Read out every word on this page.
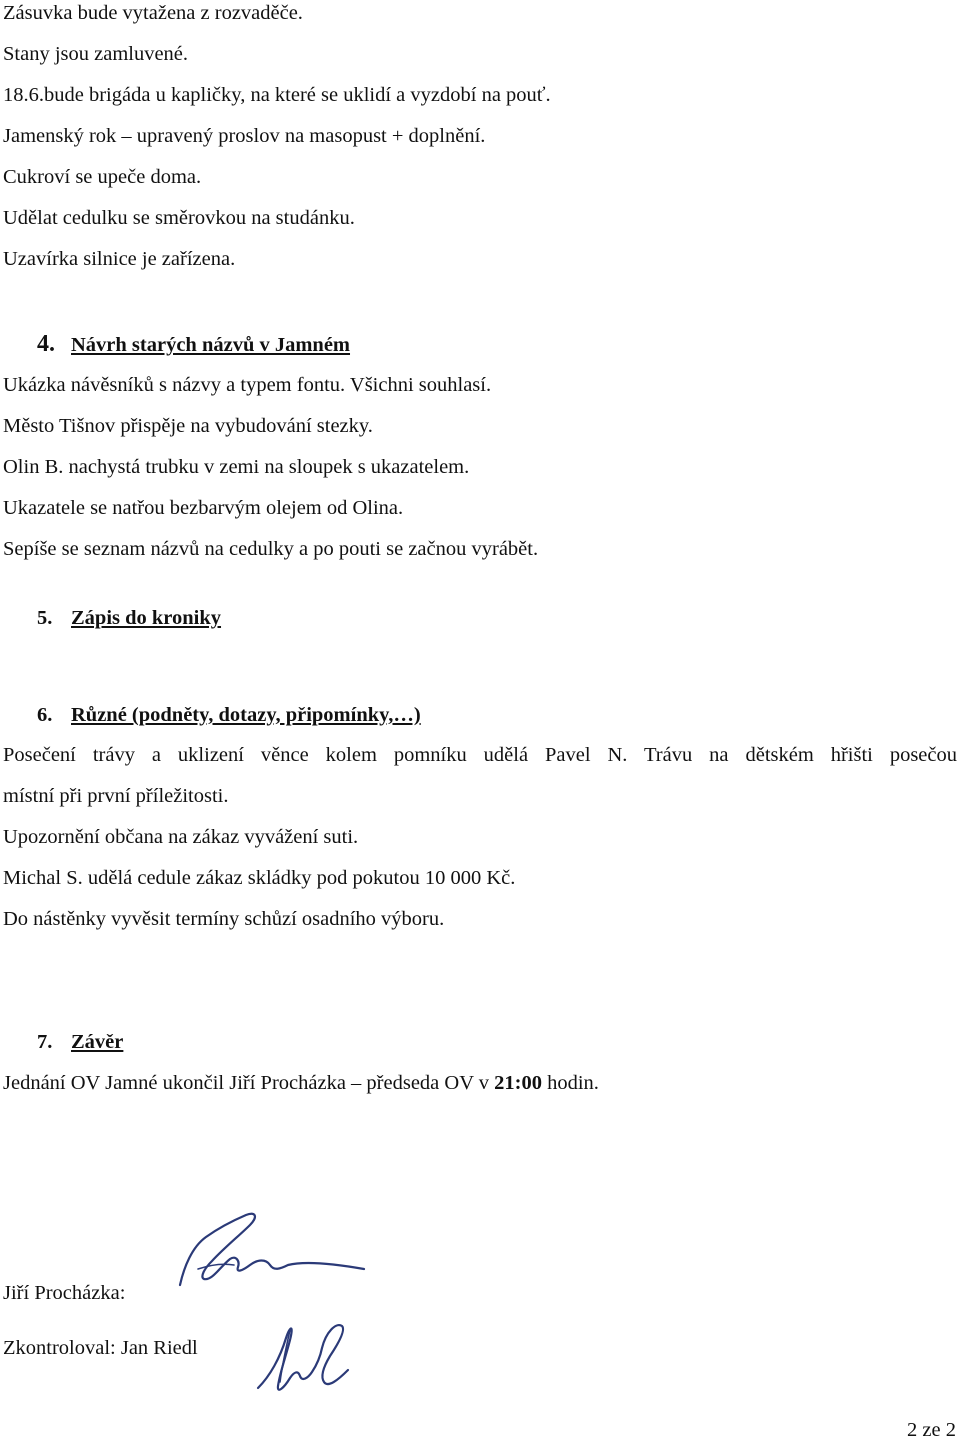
Zásuvka bude vytažena z rozvaděče.
Stany jsou zamluvené.
18.6.bude brigáda u kapličky, na které se uklidí a vyzdobí na pouť.
Jamenský rok – upravený proslov na masopust + doplnění.
Cukroví se upeče doma.
Udělat cedulku se směrovkou na studánku.
Uzavírka silnice je zařízena.
4. Návrh starých názvů v Jamném
Ukázka návěsníků s názvy a typem fontu. Všichni souhlasí.
Město Tišnov přispěje na vybudování stezky.
Olin B. nachystá trubku v zemi na sloupek s ukazatelem.
Ukazatele se natřou bezbarvým olejem od Olina.
Sepíše se seznam názvů na cedulky a po pouti se začnou vyrábět.
5. Zápis do kroniky
6. Různé (podněty, dotazy, připomínky,…)
Posečení trávy a uklizení věnce kolem pomníku udělá Pavel N. Trávu na dětském hřišti posečou
místní při první příležitosti.
Upozornění občana na zákaz vyvážení suti.
Michal S. udělá cedule zákaz skládky pod pokutou 10 000 Kč.
Do nástěnky vyvěsit termíny schůzí osadního výboru.
7. Závěr
Jednání OV Jamné ukončil Jiří Procházka – předseda OV v 21:00 hodin.
Jiří Procházka:
Zkontroloval: Jan Riedl
2 ze 2
